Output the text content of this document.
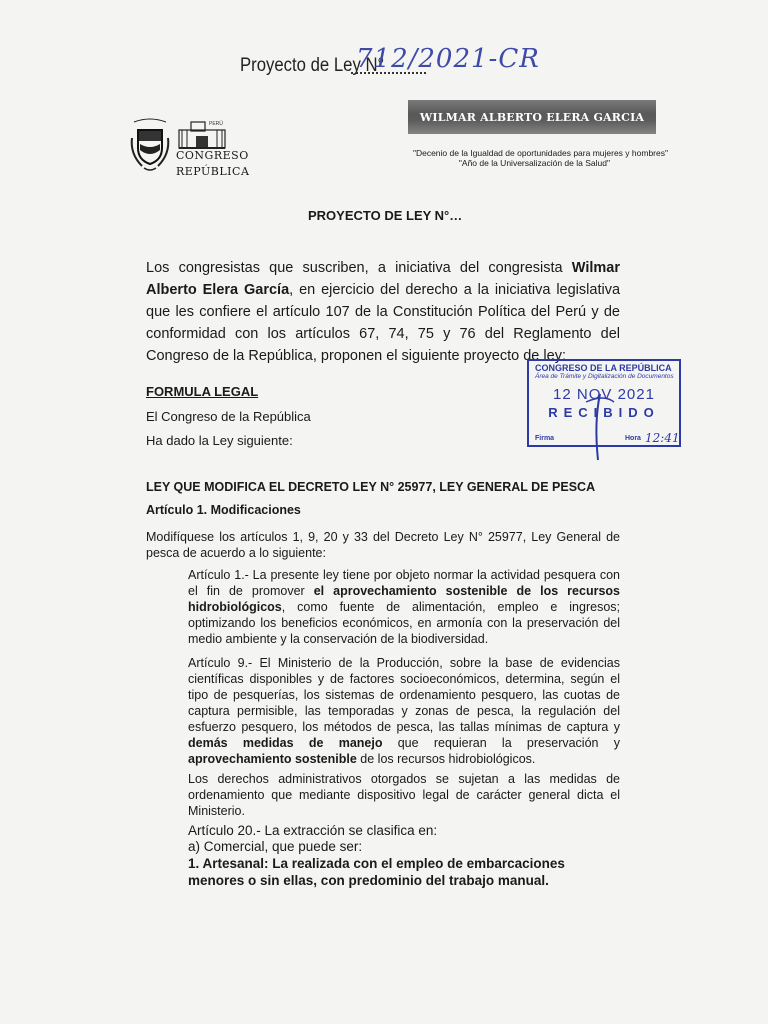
Proyecto de Ley N°
712/2021-CR
WILMAR ALBERTO ELERA GARCIA
PERÚ
CONGRESO

REPÚBLICA
"Decenio de la Igualdad de oportunidades para mujeres y hombres"
"Año de la Universalización de la Salud"
PROYECTO DE LEY N°…
Los congresistas que suscriben, a iniciativa del congresista Wilmar Alberto Elera García, en ejercicio del derecho a la iniciativa legislativa que les confiere el artículo 107 de la Constitución Política del Perú y de conformidad con los artículos 67, 74, 75 y 76 del Reglamento del Congreso de la República, proponen el siguiente proyecto de ley:
CONGRESO DE LA REPÚBLICA
Área de Trámite y Digitalización de Documentos
12 NOV 2021
RECIBIDO
Firma	Hora 12:41
FORMULA LEGAL
El Congreso de la República
Ha dado la Ley siguiente:
LEY QUE MODIFICA EL DECRETO LEY N° 25977, LEY GENERAL DE PESCA
Artículo 1. Modificaciones
Modifíquese los artículos 1, 9, 20 y 33 del Decreto Ley N° 25977, Ley General de pesca de acuerdo a lo siguiente:
Artículo 1.- La presente ley tiene por objeto normar la actividad pesquera con el fin de promover el aprovechamiento sostenible de los recursos hidrobiológicos, como fuente de alimentación, empleo e ingresos; optimizando los beneficios económicos, en armonía con la preservación del medio ambiente y la conservación de la biodiversidad.
Artículo 9.- El Ministerio de la Producción, sobre la base de evidencias científicas disponibles y de factores socioeconómicos, determina, según el tipo de pesquerías, los sistemas de ordenamiento pesquero, las cuotas de captura permisible, las temporadas y zonas de pesca, la regulación del esfuerzo pesquero, los métodos de pesca, las tallas mínimas de captura y demás medidas de manejo que requieran la preservación y aprovechamiento sostenible de los recursos hidrobiológicos.
Los derechos administrativos otorgados se sujetan a las medidas de ordenamiento que mediante dispositivo legal de carácter general dicta el Ministerio.
Artículo 20.- La extracción se clasifica en:
a) Comercial, que puede ser:
1. Artesanal: La realizada con el empleo de embarcaciones menores o sin ellas, con predominio del trabajo manual.
